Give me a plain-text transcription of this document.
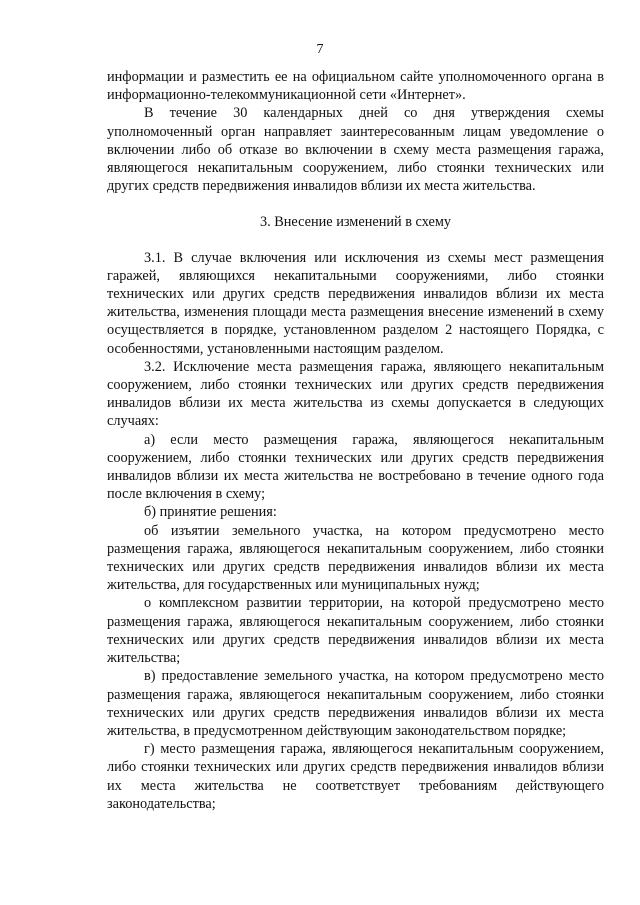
7

информации и разместить ее на официальном сайте уполномоченного органа в информационно-телекоммуникационной сети «Интернет».

В течение 30 календарных дней со дня утверждения схемы уполномоченный орган направляет заинтересованным лицам уведомление о включении либо об отказе во включении в схему места размещения гаража, являющегося некапитальным сооружением, либо стоянки технических или других средств передвижения инвалидов вблизи их места жительства.

3. Внесение изменений в схему

3.1. В случае включения или исключения из схемы мест размещения гаражей, являющихся некапитальными сооружениями, либо стоянки технических или других средств передвижения инвалидов вблизи их места жительства, изменения площади места размещения внесение изменений в схему осуществляется в порядке, установленном разделом 2 настоящего Порядка, с особенностями, установленными настоящим разделом.

3.2. Исключение места размещения гаража, являющего некапитальным сооружением, либо стоянки технических или других средств передвижения инвалидов вблизи их места жительства из схемы допускается в следующих случаях:

а) если место размещения гаража, являющегося некапитальным сооружением, либо стоянки технических или других средств передвижения инвалидов вблизи их места жительства не востребовано в течение одного года после включения в схему;

б) принятие решения:

об изъятии земельного участка, на котором предусмотрено место размещения гаража, являющегося некапитальным сооружением, либо стоянки технических или других средств передвижения инвалидов вблизи их места жительства, для государственных или муниципальных нужд;

о комплексном развитии территории, на которой предусмотрено место размещения гаража, являющегося некапитальным сооружением, либо стоянки технических или других средств передвижения инвалидов вблизи их места жительства;

в) предоставление земельного участка, на котором предусмотрено место размещения гаража, являющегося некапитальным сооружением, либо стоянки технических или других средств передвижения инвалидов вблизи их места жительства, в предусмотренном действующим законодательством порядке;

г) место размещения гаража, являющегося некапитальным сооружением, либо стоянки технических или других средств передвижения инвалидов вблизи их места жительства не соответствует требованиям действующего законодательства;
